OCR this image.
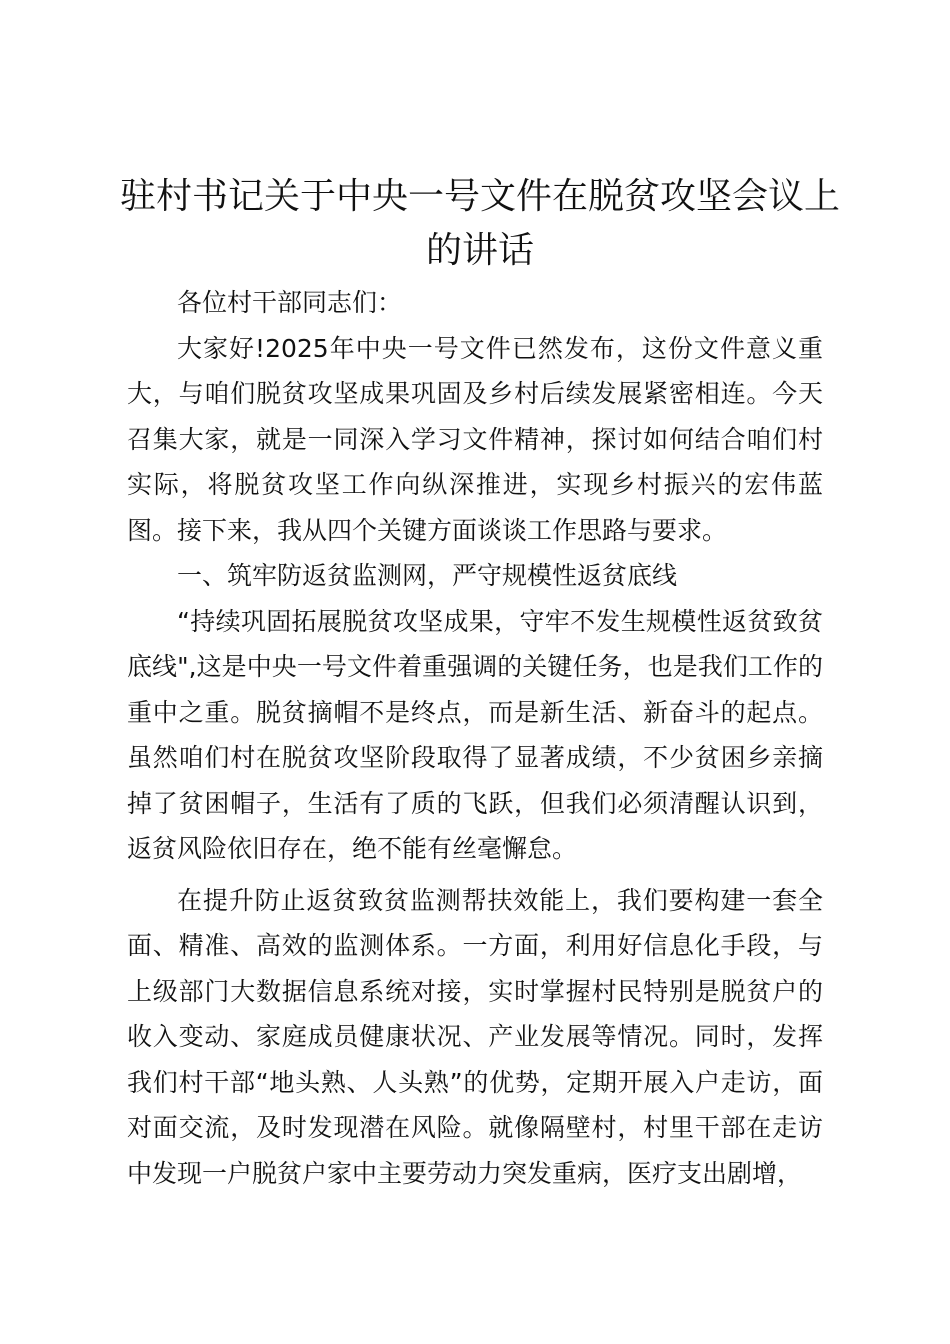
驻村书记关于中央一号文件在脱贫攻坚会议上的讲话

各位村干部同志们：

大家好!2025年中央一号文件已然发布，这份文件意义重大，与咱们脱贫攻坚成果巩固及乡村后续发展紧密相连。今天召集大家，就是一同深入学习文件精神，探讨如何结合咱们村实际，将脱贫攻坚工作向纵深推进，实现乡村振兴的宏伟蓝图。接下来，我从四个关键方面谈谈工作思路与要求。

一、筑牢防返贫监测网，严守规模性返贫底线

“持续巩固拓展脱贫攻坚成果，守牢不发生规模性返贫致贫底线",这是中央一号文件着重强调的关键任务，也是我们工作的重中之重。脱贫摘帽不是终点，而是新生活、新奋斗的起点。虽然咱们村在脱贫攻坚阶段取得了显著成绩，不少贫困乡亲摘掉了贫困帽子，生活有了质的飞跃，但我们必须清醒认识到，返贫风险依旧存在，绝不能有丝毫懈怠。

在提升防止返贫致贫监测帮扶效能上，我们要构建一套全面、精准、高效的监测体系。一方面，利用好信息化手段，与上级部门大数据信息系统对接，实时掌握村民特别是脱贫户的收入变动、家庭成员健康状况、产业发展等情况。同时，发挥我们村干部“地头熟、人头熟”的优势，定期开展入户走访，面对面交流，及时发现潜在风险。就像隔壁村，村里干部在走访中发现一户脱贫户家中主要劳动力突发重病，医疗支出剧增，
